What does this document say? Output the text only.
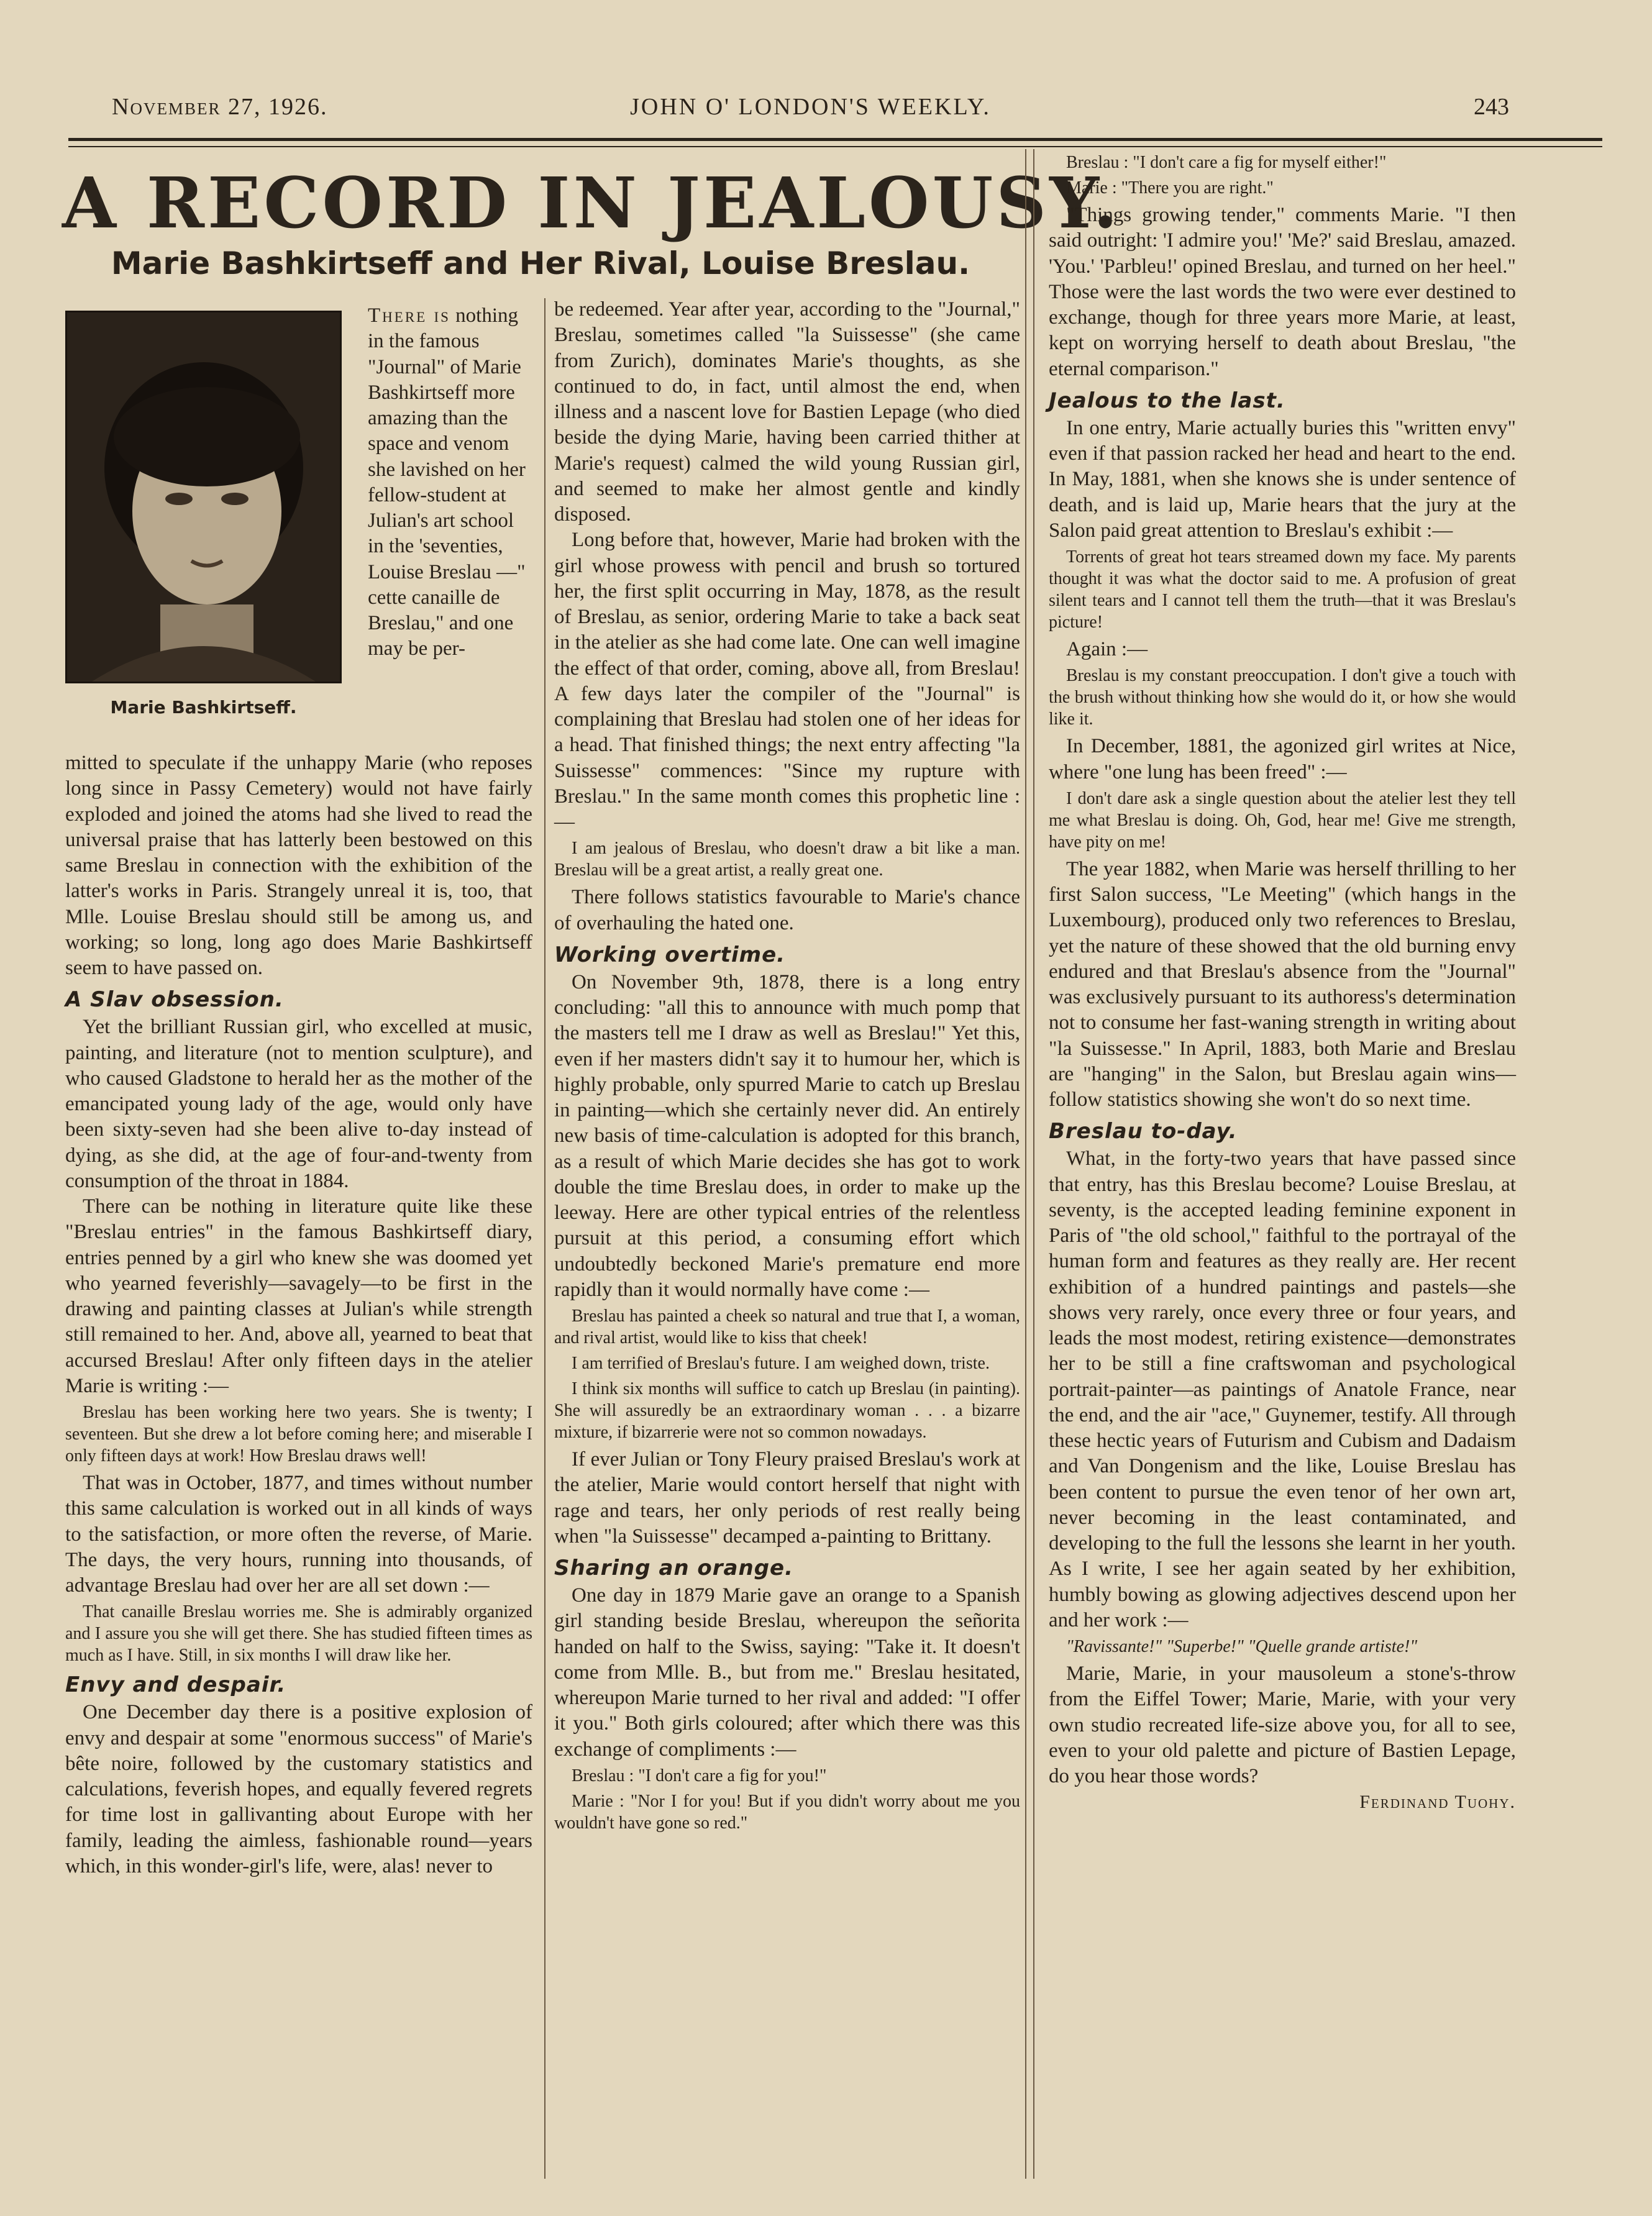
November 27, 1926.	JOHN O' LONDON'S WEEKLY.	243
A RECORD IN JEALOUSY.
Marie Bashkirtseff and Her Rival, Louise Breslau.
Marie Bashkirtseff.

There is nothing in the famous "Journal" of Marie Bashkirtseff more amazing than the space and venom she lavished on her fellow-student at Julian's art school in the 'seventies, Louise Breslau —" cette canaille de Breslau," and one may be per-

mitted to speculate if the unhappy Marie (who reposes long since in Passy Cemetery) would not have fairly exploded and joined the atoms had she lived to read the universal praise that has latterly been bestowed on this same Breslau in connection with the exhibition of the latter's works in Paris. Strangely unreal it is, too, that Mlle. Louise Breslau should still be among us, and working; so long, long ago does Marie Bashkirtseff seem to have passed on.

A Slav obsession.

Yet the brilliant Russian girl, who excelled at music, painting, and literature (not to mention sculpture), and who caused Gladstone to herald her as the mother of the emancipated young lady of the age, would only have been sixty-seven had she been alive to-day instead of dying, as she did, at the age of four-and-twenty from consumption of the throat in 1884.

There can be nothing in literature quite like these "Breslau entries" in the famous Bashkirtseff diary, entries penned by a girl who knew she was doomed yet who yearned feverishly—savagely—to be first in the drawing and painting classes at Julian's while strength still remained to her. And, above all, yearned to beat that accursed Breslau! After only fifteen days in the atelier Marie is writing :—

Breslau has been working here two years. She is twenty; I seventeen. But she drew a lot before coming here; and miserable I only fifteen days at work! How Breslau draws well!

That was in October, 1877, and times without number this same calculation is worked out in all kinds of ways to the satisfaction, or more often the reverse, of Marie. The days, the very hours, running into thousands, of advantage Breslau had over her are all set down :—

That canaille Breslau worries me. She is admirably organized and I assure you she will get there. She has studied fifteen times as much as I have. Still, in six months I will draw like her.

Envy and despair.

One December day there is a positive explosion of envy and despair at some "enormous success" of Marie's bête noire, followed by the customary statistics and calculations, feverish hopes, and equally fevered regrets for time lost in gallivanting about Europe with her family, leading the aimless, fashionable round—years which, in this wonder-girl's life, were, alas! never to

be redeemed. Year after year, according to the "Journal," Breslau, sometimes called "la Suissesse" (she came from Zurich), dominates Marie's thoughts, as she continued to do, in fact, until almost the end, when illness and a nascent love for Bastien Lepage (who died beside the dying Marie, having been carried thither at Marie's request) calmed the wild young Russian girl, and seemed to make her almost gentle and kindly disposed.

Long before that, however, Marie had broken with the girl whose prowess with pencil and brush so tortured her, the first split occurring in May, 1878, as the result of Breslau, as senior, ordering Marie to take a back seat in the atelier as she had come late. One can well imagine the effect of that order, coming, above all, from Breslau! A few days later the compiler of the "Journal" is complaining that Breslau had stolen one of her ideas for a head. That finished things; the next entry affecting "la Suissesse" commences: "Since my rupture with Breslau." In the same month comes this prophetic line :—

I am jealous of Breslau, who doesn't draw a bit like a man. Breslau will be a great artist, a really great one.

There follows statistics favourable to Marie's chance of overhauling the hated one.

Working overtime.

On November 9th, 1878, there is a long entry concluding: "all this to announce with much pomp that the masters tell me I draw as well as Breslau!" Yet this, even if her masters didn't say it to humour her, which is highly probable, only spurred Marie to catch up Breslau in painting—which she certainly never did. An entirely new basis of time-calculation is adopted for this branch, as a result of which Marie decides she has got to work double the time Breslau does, in order to make up the leeway. Here are other typical entries of the relentless pursuit at this period, a consuming effort which undoubtedly beckoned Marie's premature end more rapidly than it would normally have come :—

Breslau has painted a cheek so natural and true that I, a woman, and rival artist, would like to kiss that cheek!

I am terrified of Breslau's future. I am weighed down, triste.

I think six months will suffice to catch up Breslau (in painting). She will assuredly be an extraordinary woman . . . a bizarre mixture, if bizarrerie were not so common nowadays.

If ever Julian or Tony Fleury praised Breslau's work at the atelier, Marie would contort herself that night with rage and tears, her only periods of rest really being when "la Suissesse" decamped a-painting to Brittany.

Sharing an orange.

One day in 1879 Marie gave an orange to a Spanish girl standing beside Breslau, whereupon the señorita handed on half to the Swiss, saying: "Take it. It doesn't come from Mlle. B., but from me." Breslau hesitated, whereupon Marie turned to her rival and added: "I offer it you." Both girls coloured; after which there was this exchange of compliments :—

Breslau : "I don't care a fig for you!"

Marie : "Nor I for you! But if you didn't worry about me you wouldn't have gone so red."

Breslau : "I don't care a fig for myself either!"

Marie : "There you are right."

"Things growing tender," comments Marie. "I then said outright: 'I admire you!' 'Me?' said Breslau, amazed. 'You.' 'Parbleu!' opined Breslau, and turned on her heel." Those were the last words the two were ever destined to exchange, though for three years more Marie, at least, kept on worrying herself to death about Breslau, "the eternal comparison."

Jealous to the last.

In one entry, Marie actually buries this "written envy" even if that passion racked her head and heart to the end. In May, 1881, when she knows she is under sentence of death, and is laid up, Marie hears that the jury at the Salon paid great attention to Breslau's exhibit :—

Torrents of great hot tears streamed down my face. My parents thought it was what the doctor said to me. A profusion of great silent tears and I cannot tell them the truth—that it was Breslau's picture!

Again :—

Breslau is my constant preoccupation. I don't give a touch with the brush without thinking how she would do it, or how she would like it.

In December, 1881, the agonized girl writes at Nice, where "one lung has been freed" :—

I don't dare ask a single question about the atelier lest they tell me what Breslau is doing. Oh, God, hear me! Give me strength, have pity on me!

The year 1882, when Marie was herself thrilling to her first Salon success, "Le Meeting" (which hangs in the Luxembourg), produced only two references to Breslau, yet the nature of these showed that the old burning envy endured and that Breslau's absence from the "Journal" was exclusively pursuant to its authoress's determination not to consume her fast-waning strength in writing about "la Suissesse." In April, 1883, both Marie and Breslau are "hanging" in the Salon, but Breslau again wins—follow statistics showing she won't do so next time.

Breslau to-day.

What, in the forty-two years that have passed since that entry, has this Breslau become? Louise Breslau, at seventy, is the accepted leading feminine exponent in Paris of "the old school," faithful to the portrayal of the human form and features as they really are. Her recent exhibition of a hundred paintings and pastels—she shows very rarely, once every three or four years, and leads the most modest, retiring existence—demonstrates her to be still a fine craftswoman and psychological portrait-painter—as paintings of Anatole France, near the end, and the air "ace," Guynemer, testify. All through these hectic years of Futurism and Cubism and Dadaism and Van Dongenism and the like, Louise Breslau has been content to pursue the even tenor of her own art, never becoming in the least contaminated, and developing to the full the lessons she learnt in her youth. As I write, I see her again seated by her exhibition, humbly bowing as glowing adjectives descend upon her and her work :—

"Ravissante!" "Superbe!" "Quelle grande artiste!"

Marie, Marie, in your mausoleum a stone's-throw from the Eiffel Tower; Marie, Marie, with your very own studio recreated life-size above you, for all to see, even to your old palette and picture of Bastien Lepage, do you hear those words?

Ferdinand Tuohy.
